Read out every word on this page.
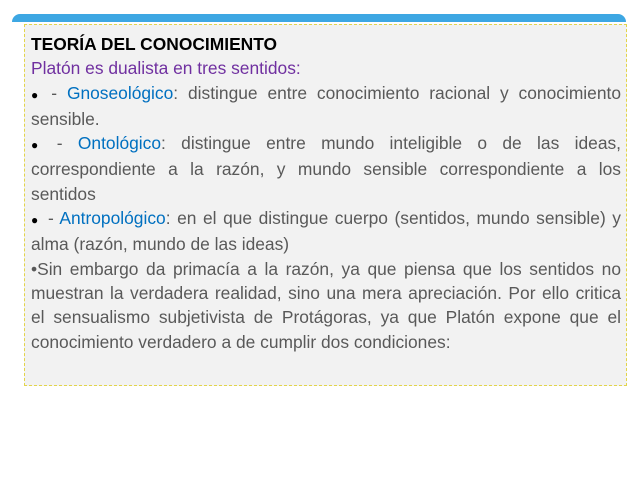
TEORÍA DEL CONOCIMIENTO

Platón es dualista en tres sentidos:

● - Gnoseológico: distingue entre conocimiento racional y conocimiento sensible.

● - Ontológico: distingue entre mundo inteligible o de las ideas, correspondiente a la razón, y mundo sensible correspondiente a los sentidos

● - Antropológico: en el que distingue cuerpo (sentidos, mundo sensible) y alma (razón, mundo de las ideas)

•Sin embargo da primacía a la razón, ya que piensa que los sentidos no muestran la verdadera realidad, sino una mera apreciación. Por ello critica el sensualismo subjetivista de Protágoras, ya que Platón expone que el conocimiento verdadero a de cumplir dos condiciones:
